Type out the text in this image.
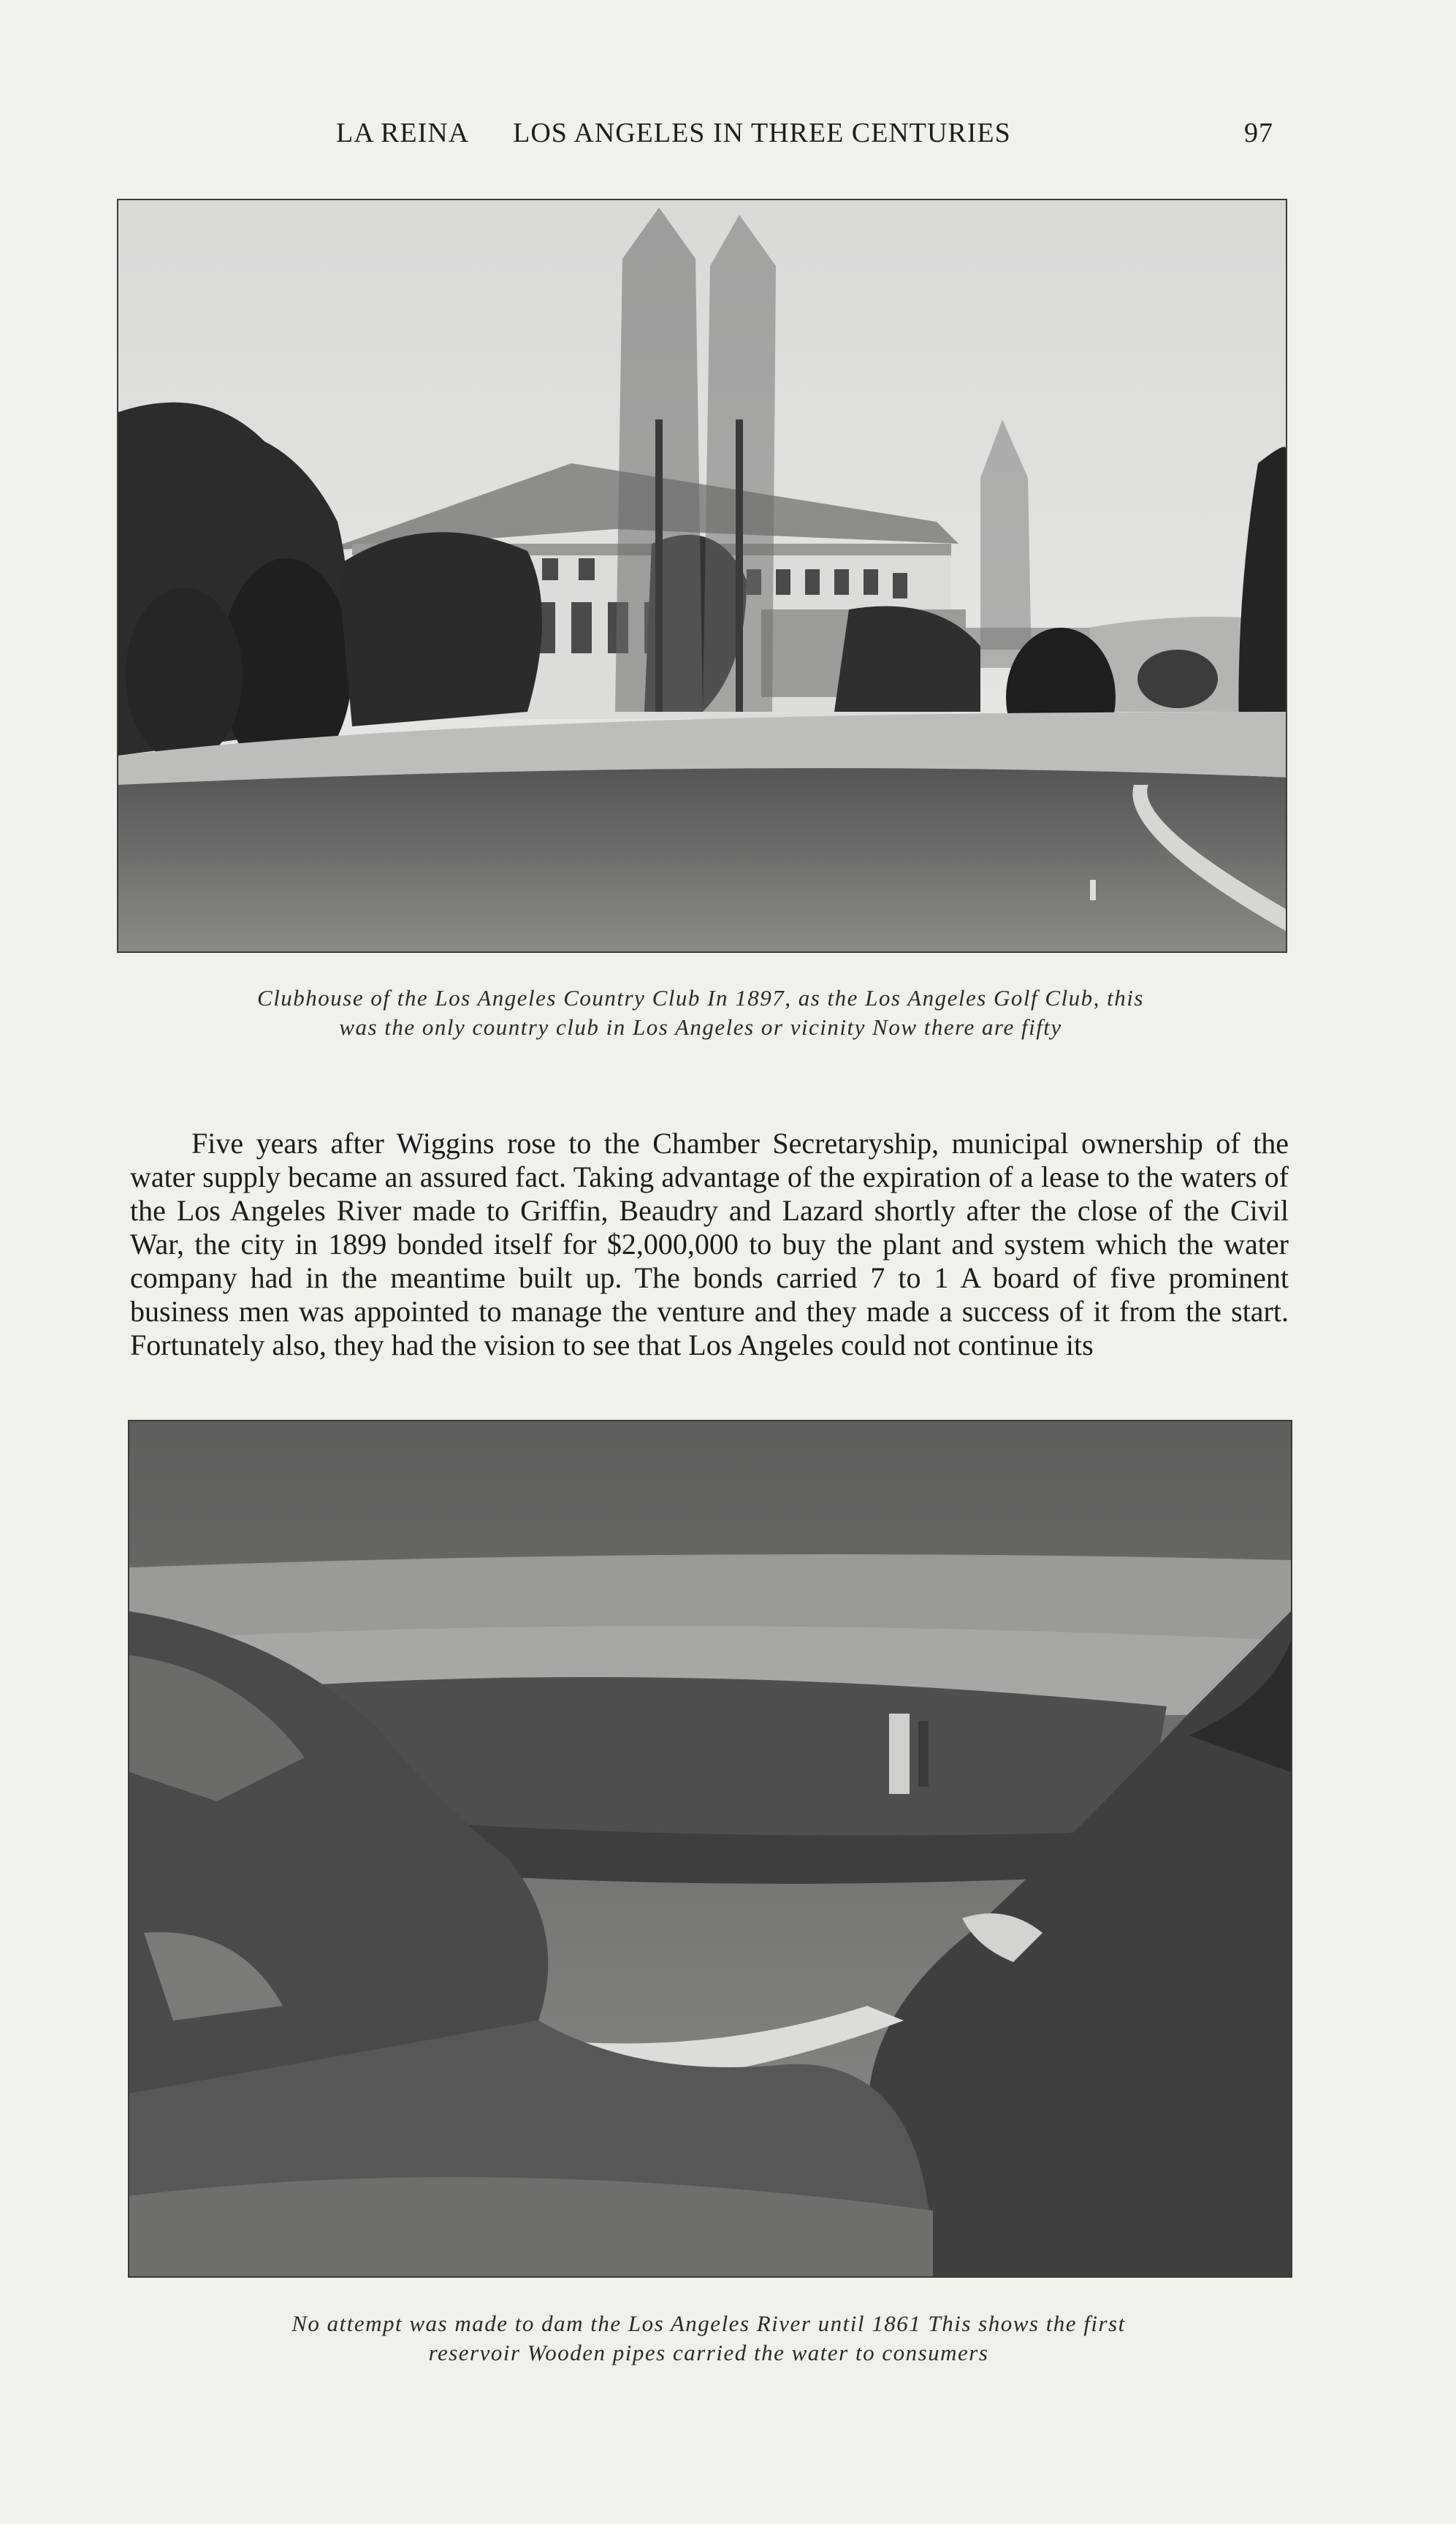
LA REINA LOS ANGELES IN THREE CENTURIES	97
Clubhouse of the Los Angeles Country Club In 1897, as the Los Angeles Golf Club, this
was the only country club in Los Angeles or vicinity Now there are fifty

Five years after Wiggins rose to the Chamber Secretaryship, municipal ownership of the water supply became an assured fact. Taking advantage of the expiration of a lease to the waters of the Los Angeles River made to Griffin, Beaudry and Lazard shortly after the close of the Civil War, the city in 1899 bonded itself for $2,000,000 to buy the plant and system which the water company had in the meantime built up. The bonds carried 7 to 1 A board of five prominent business men was appointed to manage the venture and they made a success of it from the start. Fortunately also, they had the vision to see that Los Angeles could not continue its

No attempt was made to dam the Los Angeles River until 1861 This shows the first
reservoir Wooden pipes carried the water to consumers
